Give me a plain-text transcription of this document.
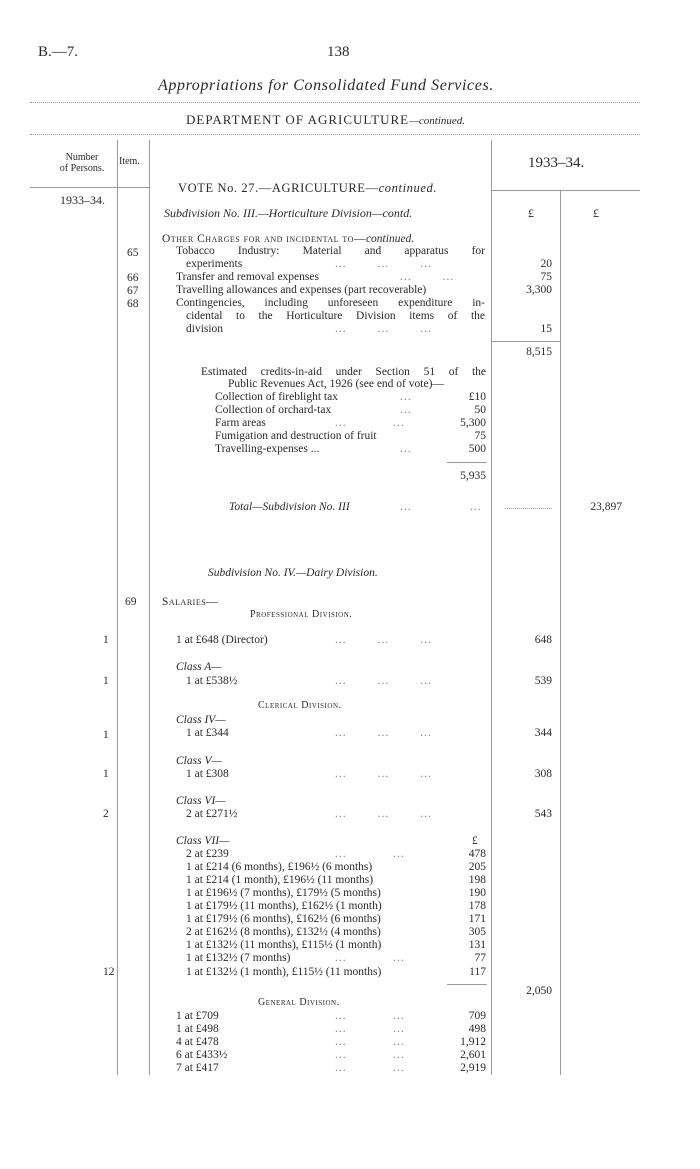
B.—7.	138
Appropriations for Consolidated Fund Services.
DEPARTMENT OF AGRICULTURE—continued.
Number
of Persons.
Item.	1933–34.
1933–34.
£	£
VOTE No. 27.—AGRICULTURE—continued.
Subdivision No. III.—Horticulture Division—contd.
Other Charges for and incidental to—continued.
65	Tobacco Industry: Material and apparatus for
experiments	...        ...        ...	20
66	Transfer and removal expenses	...        ...	75
67	Travelling allowances and expenses (part recoverable)	3,300
68	Contingencies, including unforeseen expenditure in-
cidental to the Horticulture Division items of the
division	...        ...        ...	15
8,515
Estimated credits-in-aid under Section 51 of the
Public Revenues Act, 1926 (see end of vote)—
Collection of fireblight tax	...	£10
Collection of orchard-tax	...	50
Farm areas	...            ...	5,300
Fumigation and destruction of fruit	75
Travelling-expenses ...	...	500
5,935
Total—Subdivision No. III	...	...	23,897
Subdivision No. IV.—Dairy Division.
69 Salaries—
Professional Division.
1	1 at £648 (Director)	...        ...        ...	648
Class A—
1	1 at £538½	...        ...        ...	539
Clerical Division.
Class IV—
1	1 at £344	...        ...        ...	344
Class V—
1	1 at £308	...        ...        ...	308
Class VI—
2	2 at £271½	...        ...        ...	543
Class VII—	£
2 at £239	...            ...	478
1 at £214 (6 months), £196½ (6 months)	205
1 at £214 (1 month), £196½ (11 months)	198
1 at £196½ (7 months), £179½ (5 months)	190
1 at £179½ (11 months), £162½ (1 month)	178
1 at £179½ (6 months), £162½ (6 months)	171
2 at £162½ (8 months), £132½ (4 months)	305
1 at £132½ (11 months), £115½ (1 month)	131
1 at £132½ (7 months)	...            ...	77
12	1 at £132½ (1 month), £115½ (11 months)	117
2,050
General Division.
1 at £709	...            ...	709
1 at £498	...            ...	498
4 at £478	...            ...	1,912
6 at £433½	...            ...	2,601
7 at £417	...            ...	2,919
